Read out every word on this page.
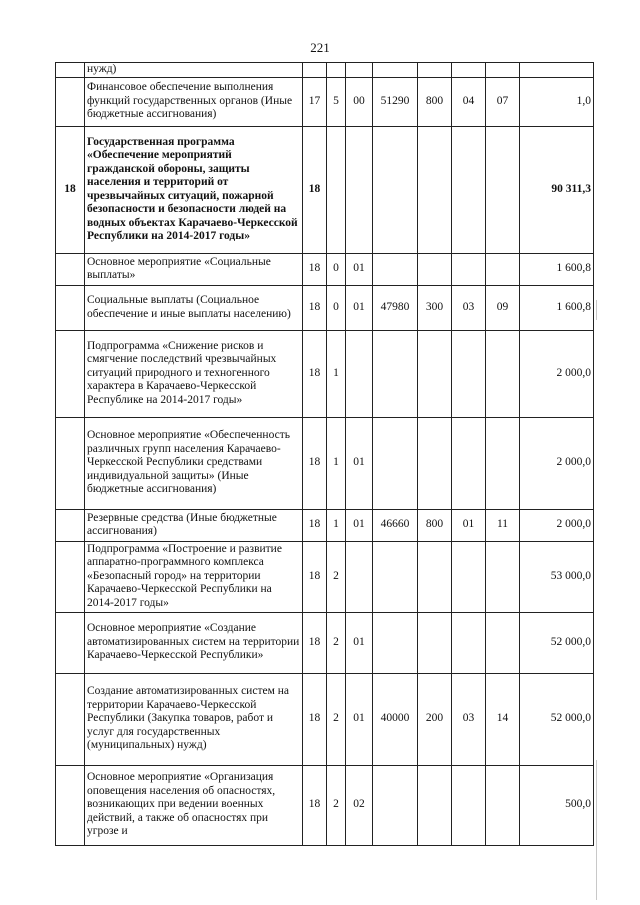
221
	нужд)								
	Финансовое обеспечение выполнения функций государственных органов (Иные бюджетные ассигнования)	17	5	00	51290	800	04	07	1,0
18	Государственная программа «Обеспечение мероприятий гражданской обороны, защиты населения и территорий от чрезвычайных ситуаций, пожарной безопасности и безопасности людей на водных объектах Карачаево-Черкесской Республики на 2014-2017 годы»	18							90 311,3
	Основное мероприятие «Социальные выплаты»	18	0	01					1 600,8
	Социальные выплаты (Социальное обеспечение и иные выплаты населению)	18	0	01	47980	300	03	09	1 600,8
	Подпрограмма «Снижение рисков и смягчение последствий чрезвычайных ситуаций природного и техногенного характера в Карачаево-Черкесской Республике на 2014-2017 годы»	18	1						2 000,0
	Основное мероприятие «Обеспеченность различных групп населения Карачаево-Черкесской Республики средствами индивидуальной защиты» (Иные бюджетные ассигнования)	18	1	01					2 000,0
	Резервные средства (Иные бюджетные ассигнования)	18	1	01	46660	800	01	11	2 000,0
	Подпрограмма «Построение и развитие аппаратно-программного комплекса «Безопасный город» на территории Карачаево-Черкесской Республики на 2014-2017 годы»	18	2						53 000,0
	Основное мероприятие «Создание автоматизированных систем на территории Карачаево-Черкесской Республики»	18	2	01					52 000,0
	Создание автоматизированных систем на территории Карачаево-Черкесской Республики (Закупка товаров, работ и услуг для государственных (муниципальных) нужд)	18	2	01	40000	200	03	14	52 000,0
	Основное мероприятие «Организация оповещения населения об опасностях, возникающих при ведении военных действий, а также об опасностях при угрозе и	18	2	02					500,0
